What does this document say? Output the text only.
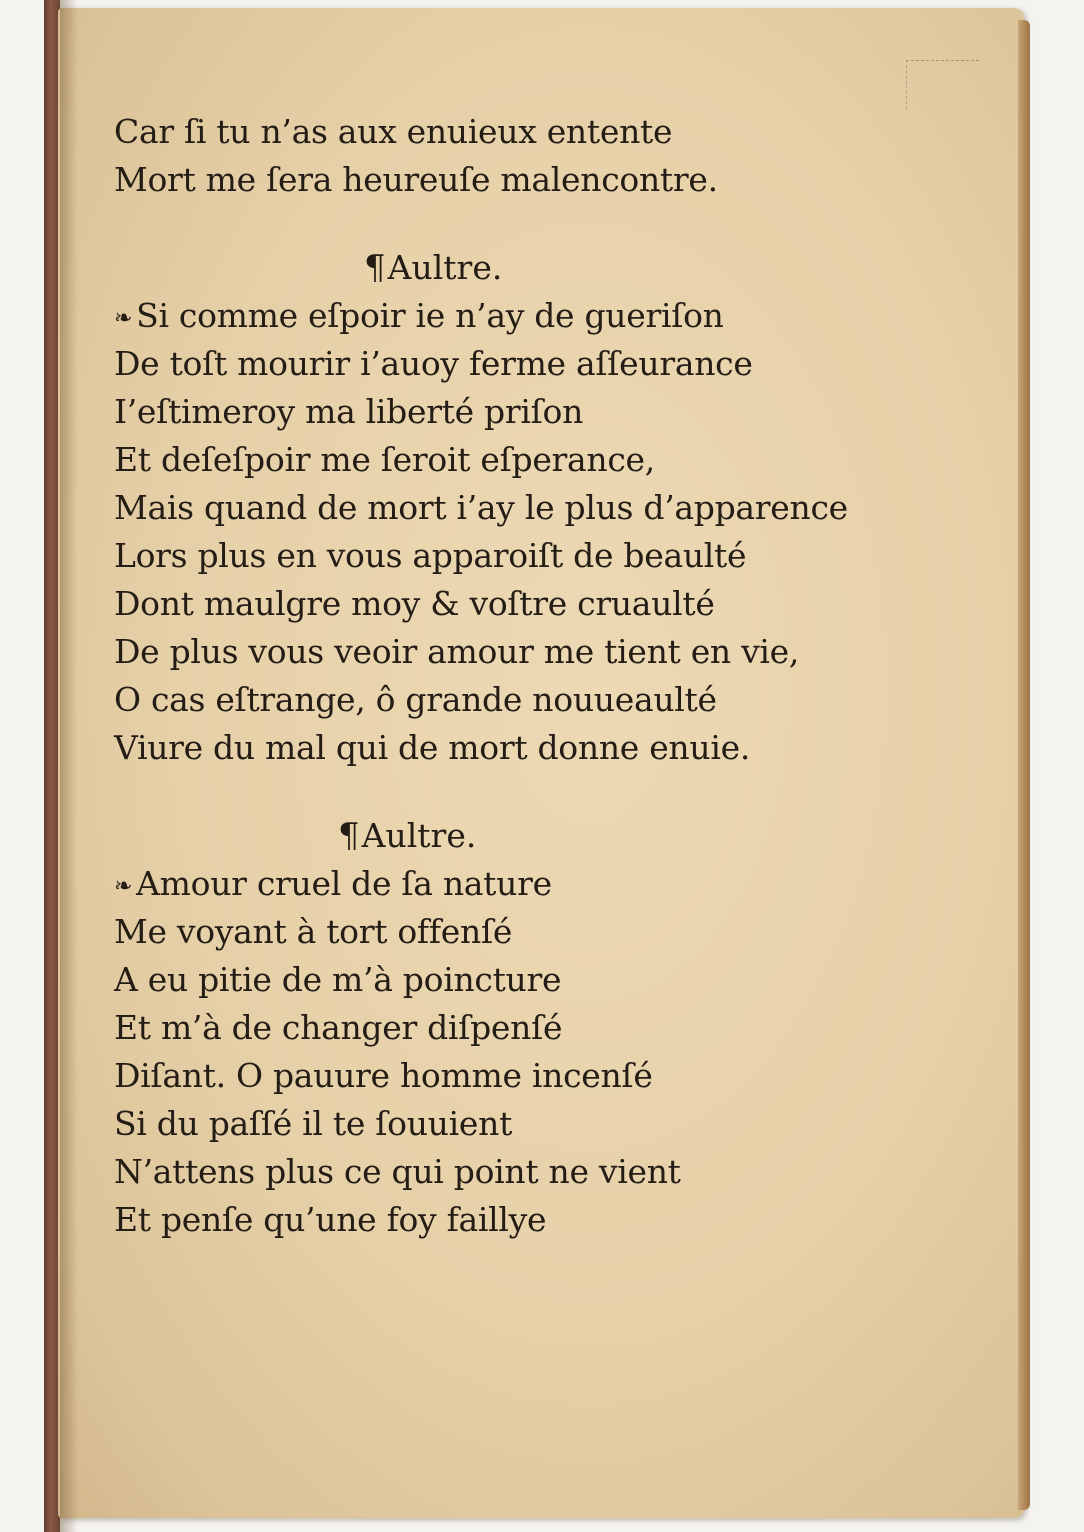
Car ſi tu n’as aux enuieux entente
Mort me ſera heureuſe malencontre.
¶Aultre.
❧ Si comme eſpoir ie n’ay de gueriſon
De toſt mourir i’auoy ferme aſſeurance
I’eſtimeroy ma liberté priſon
Et deſeſpoir me ſeroit eſperance,
Mais quand de mort i’ay le plus d’apparence
Lors plus en vous apparoiſt de beaulté
Dont maulgre moy & voſtre cruaulté
De plus vous veoir amour me tient en vie,
O cas eſtrange, ô grande nouueaulté
Viure du mal qui de mort donne enuie.
¶Aultre.
❧ Amour cruel de ſa nature
Me voyant à tort offenſé
A eu pitie de m’à poincture
Et m’à de changer diſpenſé
Diſant. O pauure homme incenſé
Si du paſſé il te ſouuient
N’attens plus ce qui point ne vient
Et penſe qu’une foy faillye
